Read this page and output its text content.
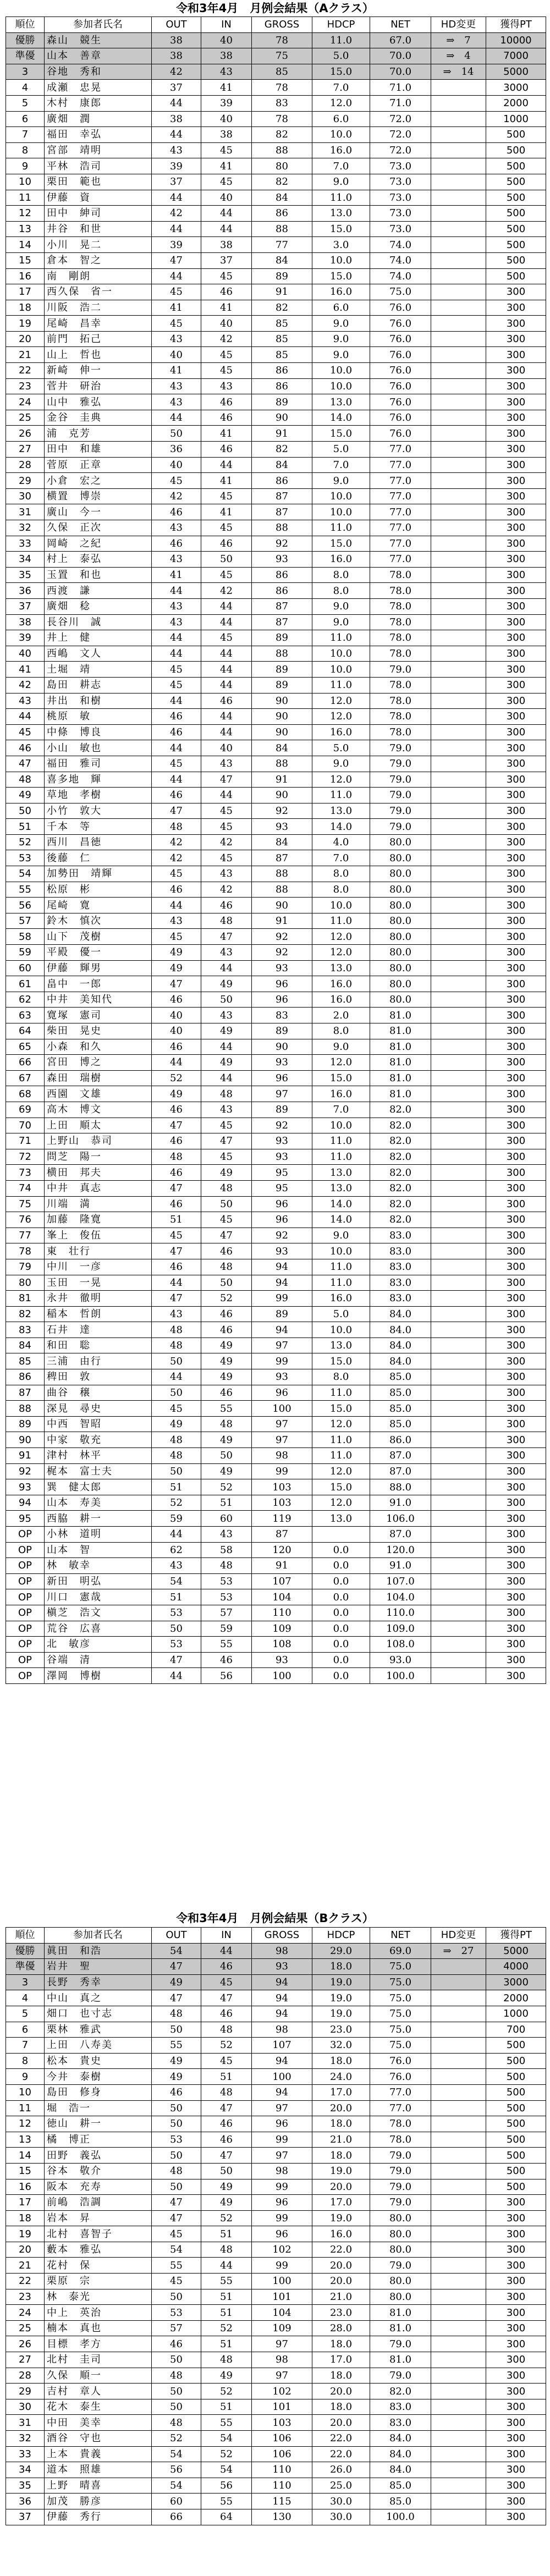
令和3年4月　月例会結果（Aクラス）
順位	参加者氏名	OUT	IN	GROSS	HDCP	NET	HD変更	獲得PT
優勝	森山　競生	38	40	78	11.0	67.0	⇒　7	10000
準優	山本　善章	38	38	75	5.0	70.0	⇒　4	7000
3	谷地　秀和	42	43	85	15.0	70.0	⇒　14	5000
4	成瀬　忠晃	37	41	78	7.0	71.0		3000
5	木村　康郎	44	39	83	12.0	71.0		2000
6	廣畑　潤	38	40	78	6.0	72.0		1000
7	福田　幸弘	44	38	82	10.0	72.0		500
8	宮部　靖明	43	45	88	16.0	72.0		500
9	平林　浩司	39	41	80	7.0	73.0		500
10	栗田　範也	37	45	82	9.0	73.0		500
11	伊藤　資	44	40	84	11.0	73.0		500
12	田中　紳司	42	44	86	13.0	73.0		500
13	井谷　和世	44	44	88	15.0	73.0		500
14	小川　晃二	39	38	77	3.0	74.0		500
15	倉本　智之	47	37	84	10.0	74.0		500
16	南　剛朗	44	45	89	15.0	74.0		500
17	西久保　省一	45	46	91	16.0	75.0		300
18	川阪　浩二	41	41	82	6.0	76.0		300
19	尾崎　昌幸	45	40	85	9.0	76.0		300
20	前門　拓己	43	42	85	9.0	76.0		300
21	山上　哲也	40	45	85	9.0	76.0		300
22	新崎　伸一	41	45	86	10.0	76.0		300
23	菅井　研治	43	43	86	10.0	76.0		300
24	山中　雅弘	43	46	89	13.0	76.0		300
25	金谷　圭典	44	46	90	14.0	76.0		300
26	浦　克芳	50	41	91	15.0	76.0		300
27	田中　和雄	36	46	82	5.0	77.0		300
28	菅原　正章	40	44	84	7.0	77.0		300
29	小倉　宏之	45	41	86	9.0	77.0		300
30	横置　博崇	42	45	87	10.0	77.0		300
31	廣山　今一	46	41	87	10.0	77.0		300
32	久保　正次	43	45	88	11.0	77.0		300
33	岡崎　之紀	46	46	92	15.0	77.0		300
34	村上　泰弘	43	50	93	16.0	77.0		300
35	玉置　和也	41	45	86	8.0	78.0		300
36	西渡　謙	44	42	86	8.0	78.0		300
37	廣畑　稔	43	44	87	9.0	78.0		300
38	長谷川　誠	43	44	87	9.0	78.0		300
39	井上　健	44	45	89	11.0	78.0		300
40	西嶋　文人	44	44	88	10.0	78.0		300
41	土堀　靖	45	44	89	10.0	79.0		300
42	島田　耕志	45	44	89	11.0	78.0		300
43	井出　和樹	44	46	90	12.0	78.0		300
44	桃原　敏	46	44	90	12.0	78.0		300
45	中條　博良	46	44	90	16.0	78.0		300
46	小山　敏也	44	40	84	5.0	79.0		300
47	福田　雅司	45	43	88	9.0	79.0		300
48	喜多地　輝	44	47	91	12.0	79.0		300
49	草地　孝樹	46	44	90	11.0	79.0		300
50	小竹　敦大	47	45	92	13.0	79.0		300
51	千本　等	48	45	93	14.0	79.0		300
52	西川　昌徳	42	42	84	4.0	80.0		300
53	後藤　仁	42	45	87	7.0	80.0		300
54	加勢田　靖輝	45	43	88	8.0	80.0		300
55	松原　彬	46	42	88	8.0	80.0		300
56	尾崎　寛	44	46	90	10.0	80.0		300
57	鈴木　慎次	43	48	91	11.0	80.0		300
58	山下　茂樹	45	47	92	12.0	80.0		300
59	平殿　優一	49	43	92	12.0	80.0		300
60	伊藤　輝男	49	44	93	13.0	80.0		300
61	畠中　一郎	47	49	96	16.0	80.0		300
62	中井　美知代	46	50	96	16.0	80.0		300
63	寛塚　憲司	40	43	83	2.0	81.0		300
64	柴田　晃史	40	49	89	8.0	81.0		300
65	小森　和久	46	44	90	9.0	81.0		300
66	宮田　博之	44	49	93	12.0	81.0		300
67	森田　瑞樹	52	44	96	15.0	81.0		300
68	西園　文雄	49	48	97	16.0	81.0		300
69	高木　博文	46	43	89	7.0	82.0		300
70	上田　順太	47	45	92	10.0	82.0		300
71	上野山　恭司	46	47	93	11.0	82.0		300
72	問芝　陽一	48	45	93	11.0	82.0		300
73	横田　邦夫	46	49	95	13.0	82.0		300
74	中井　真志	47	48	95	13.0	82.0		300
75	川端　満	46	50	96	14.0	82.0		300
76	加藤　隆寛	51	45	96	14.0	82.0		300
77	峯上　俊伍	45	47	92	9.0	83.0		300
78	東　壮行	47	46	93	10.0	83.0		300
79	中川　一彦	46	48	94	11.0	83.0		300
80	玉田　一晃	44	50	94	11.0	83.0		300
81	永井　徹明	47	52	99	16.0	83.0		300
82	稲本　哲朗	43	46	89	5.0	84.0		300
83	石井　達	48	46	94	10.0	84.0		300
84	和田　聡	48	49	97	13.0	84.0		300
85	三浦　由行	50	49	99	15.0	84.0		300
86	稗田　敦	44	49	93	8.0	85.0		300
87	曲谷　穣	50	46	96	11.0	85.0		300
88	深見　尋史	45	55	100	15.0	85.0		300
89	中西　智昭	49	48	97	12.0	85.0		300
90	中家　敬充	48	49	97	11.0	86.0		300
91	津村　林平	48	50	98	11.0	87.0		300
92	梶本　富士夫	50	49	99	12.0	87.0		300
93	巽　健太郎	51	52	103	15.0	88.0		300
94	山本　寿美	52	51	103	12.0	91.0		300
95	西脇　耕一	59	60	119	13.0	106.0		300
OP	小林　道明	44	43	87		87.0		300
OP	山本　智	62	58	120	0.0	120.0		300
OP	林　敏幸	43	48	91	0.0	91.0		300
OP	新田　明弘	54	53	107	0.0	107.0		300
OP	川口　憲哉	51	53	104	0.0	104.0		300
OP	槇芝　浩文	53	57	110	0.0	110.0		300
OP	荒谷　広喜	50	59	109	0.0	109.0		300
OP	北　敏彦	53	55	108	0.0	108.0		300
OP	谷端　清	47	46	93	0.0	93.0		300
OP	澤岡　博樹	44	56	100	0.0	100.0		300
令和3年4月　月例会結果（Bクラス）
順位	参加者氏名	OUT	IN	GROSS	HDCP	NET	HD変更	獲得PT
優勝	眞田　和浩	54	44	98	29.0	69.0	⇒　27	5000
準優	岩井　聖	47	46	93	18.0	75.0		4000
3	長野　秀幸	49	45	94	19.0	75.0		3000
4	中山　真之	47	47	94	19.0	75.0		2000
5	畑口　也寸志	48	46	94	19.0	75.0		1000
6	栗林　雅武	50	48	98	23.0	75.0		700
7	上田　八寿美	55	52	107	32.0	75.0		500
8	松本　貴史	49	45	94	18.0	76.0		500
9	今井　泰樹	49	51	100	24.0	76.0		500
10	島田　修身	46	48	94	17.0	77.0		500
11	堀　浩一	50	47	97	20.0	77.0		500
12	徳山　耕一	50	46	96	18.0	78.0		500
13	橘　博正	53	46	99	21.0	78.0		500
14	田野　義弘	50	47	97	18.0	79.0		500
15	谷本　敬介	48	50	98	19.0	79.0		500
16	阪本　充寿	50	49	99	20.0	79.0		500
17	前嶋　浩調	47	49	96	17.0	79.0		300
18	岩本　昇	47	52	99	19.0	80.0		300
19	北村　喜智子	45	51	96	16.0	80.0		300
20	藪本　雅弘	54	48	102	22.0	80.0		300
21	花村　保	55	44	99	20.0	79.0		300
22	栗原　宗	45	55	100	20.0	80.0		300
23	林　泰光	50	51	101	21.0	80.0		300
24	中上　英治	53	51	104	23.0	81.0		300
25	楠本　真也	57	52	109	28.0	81.0		300
26	目標　孝方	46	51	97	18.0	79.0		300
27	北村　圭司	50	48	98	17.0	81.0		300
28	久保　順一	48	49	97	18.0	79.0		300
29	吉村　章人	50	52	102	20.0	82.0		300
30	花木　泰生	50	51	101	18.0	83.0		300
31	中田　美幸	48	55	103	20.0	83.0		300
32	酒谷　守也	52	54	106	22.0	84.0		300
33	上本　貴義	54	52	106	22.0	84.0		300
34	道本　照雄	56	54	110	26.0	84.0		300
35	上野　晴喜	54	56	110	25.0	85.0		300
36	加茂　勝彦	60	55	115	30.0	85.0		300
37	伊藤　秀行	66	64	130	30.0	100.0		300
